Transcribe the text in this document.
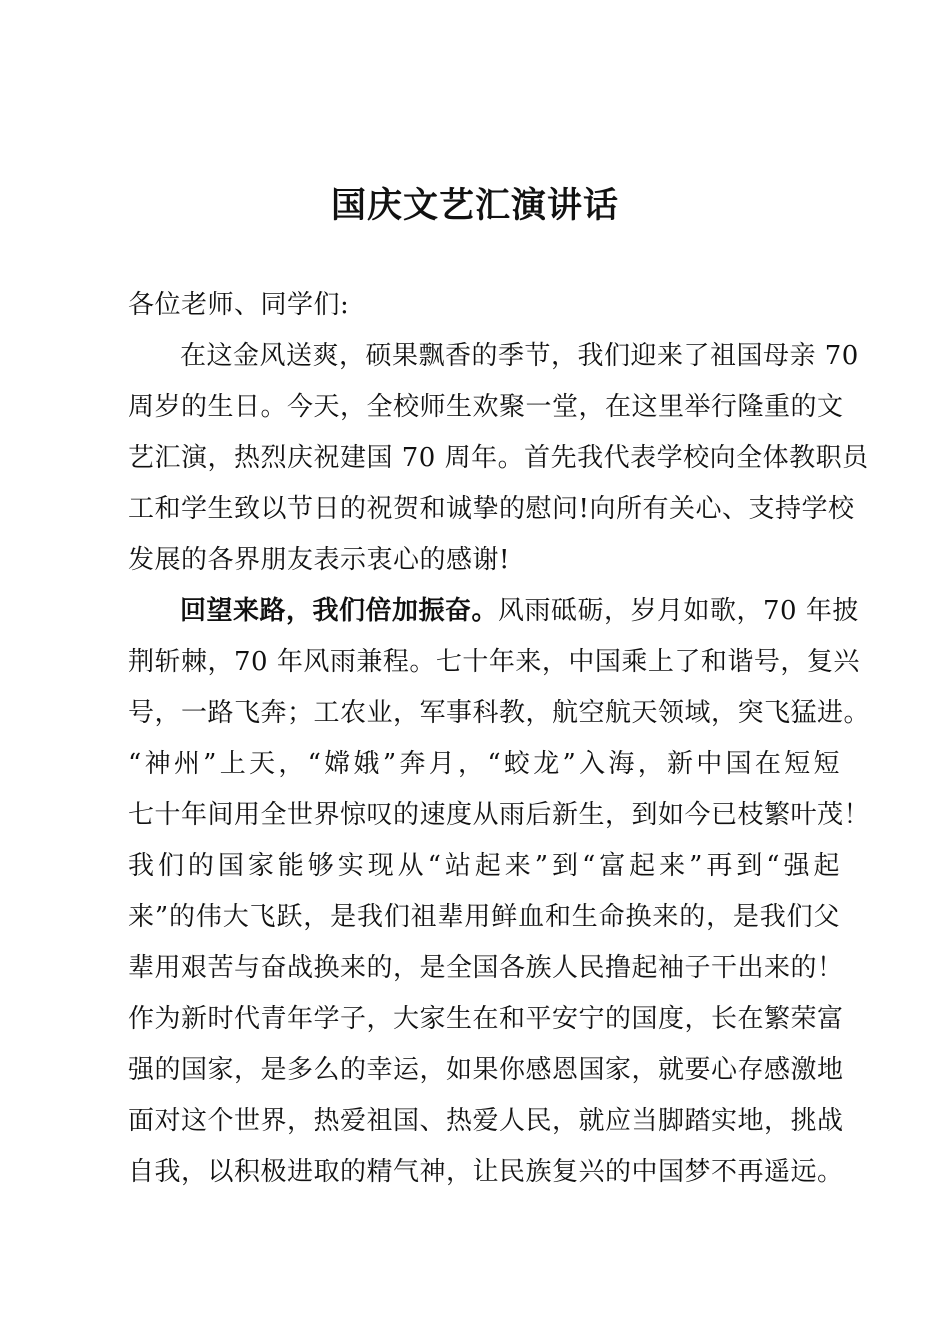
国庆文艺汇演讲话
各位老师、同学们:
在这金风送爽，硕果飘香的季节，我们迎来了祖国母亲 70
周岁的生日。今天，全校师生欢聚一堂，在这里举行隆重的文
艺汇演，热烈庆祝建国 70 周年。首先我代表学校向全体教职员
工和学生致以节日的祝贺和诚挚的慰问!向所有关心、支持学校
发展的各界朋友表示衷心的感谢!
回望来路，我们倍加振奋。风雨砥砺，岁月如歌，70 年披
荆斩棘，70 年风雨兼程。七十年来，中国乘上了和谐号，复兴
号，一路飞奔；工农业，军事科教，航空航天领域，突飞猛进。
“神州”上天，“嫦娥”奔月，“蛟龙”入海，新中国在短短
七十年间用全世界惊叹的速度从雨后新生，到如今已枝繁叶茂！
我们的国家能够实现从“站起来”到“富起来”再到“强起
来”的伟大飞跃，是我们祖辈用鲜血和生命换来的，是我们父
辈用艰苦与奋战换来的，是全国各族人民撸起袖子干出来的！
作为新时代青年学子，大家生在和平安宁的国度，长在繁荣富
强的国家，是多么的幸运，如果你感恩国家，就要心存感激地
面对这个世界，热爱祖国、热爱人民，就应当脚踏实地，挑战
自我，以积极进取的精气神，让民族复兴的中国梦不再遥远。
